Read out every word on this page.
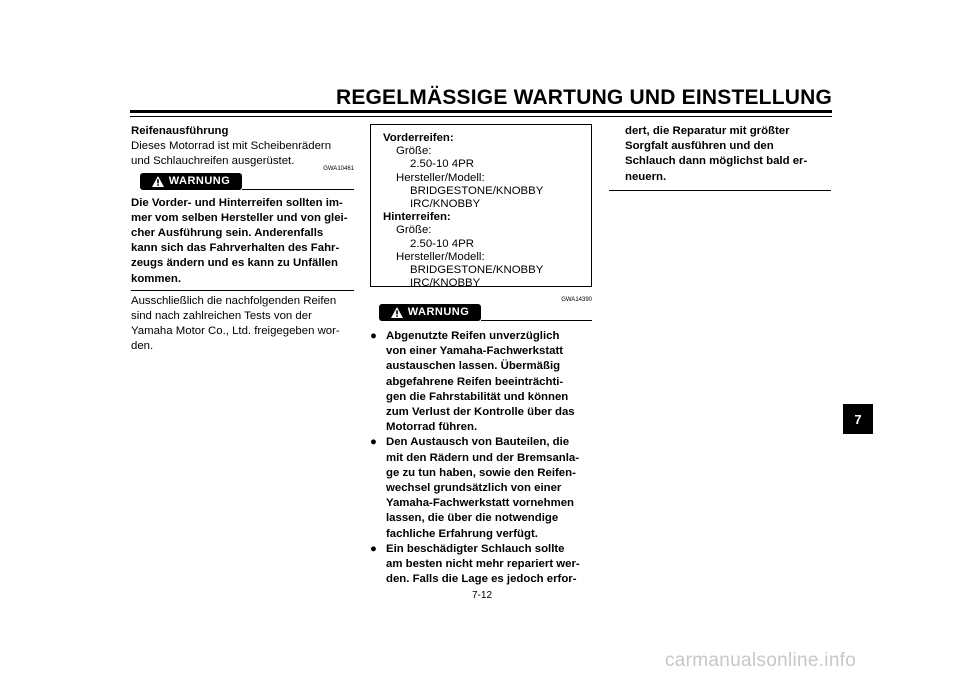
REGELMÄSSIGE WARTUNG UND EINSTELLUNG
Reifenausführung
Dieses Motorrad ist mit Scheibenrädern
und Schlauchreifen ausgerüstet.
GWA10461
WARNUNG
Die Vorder- und Hinterreifen sollten im-
mer vom selben Hersteller und von glei-
cher Ausführung sein. Anderenfalls
kann sich das Fahrverhalten des Fahr-
zeugs ändern und es kann zu Unfällen
kommen.
Ausschließlich die nachfolgenden Reifen
sind nach zahlreichen Tests von der
Yamaha Motor Co., Ltd. freigegeben wor-
den.
Vorderreifen:
Größe:
2.50-10 4PR
Hersteller/Modell:
BRIDGESTONE/KNOBBY
IRC/KNOBBY
Hinterreifen:
Größe:
2.50-10 4PR
Hersteller/Modell:
BRIDGESTONE/KNOBBY
IRC/KNOBBY
GWA14390
WARNUNG
● Abgenutzte Reifen unverzüglich
von einer Yamaha-Fachwerkstatt
austauschen lassen. Übermäßig
abgefahrene Reifen beeinträchti-
gen die Fahrstabilität und können
zum Verlust der Kontrolle über das
Motorrad führen.
● Den Austausch von Bauteilen, die
mit den Rädern und der Bremsanla-
ge zu tun haben, sowie den Reifen-
wechsel grundsätzlich von einer
Yamaha-Fachwerkstatt vornehmen
lassen, die über die notwendige
fachliche Erfahrung verfügt.
● Ein beschädigter Schlauch sollte
am besten nicht mehr repariert wer-
den. Falls die Lage es jedoch erfor-
dert, die Reparatur mit größter
Sorgfalt ausführen und den
Schlauch dann möglichst bald er-
neuern.
7-12
7
carmanualsonline.info
